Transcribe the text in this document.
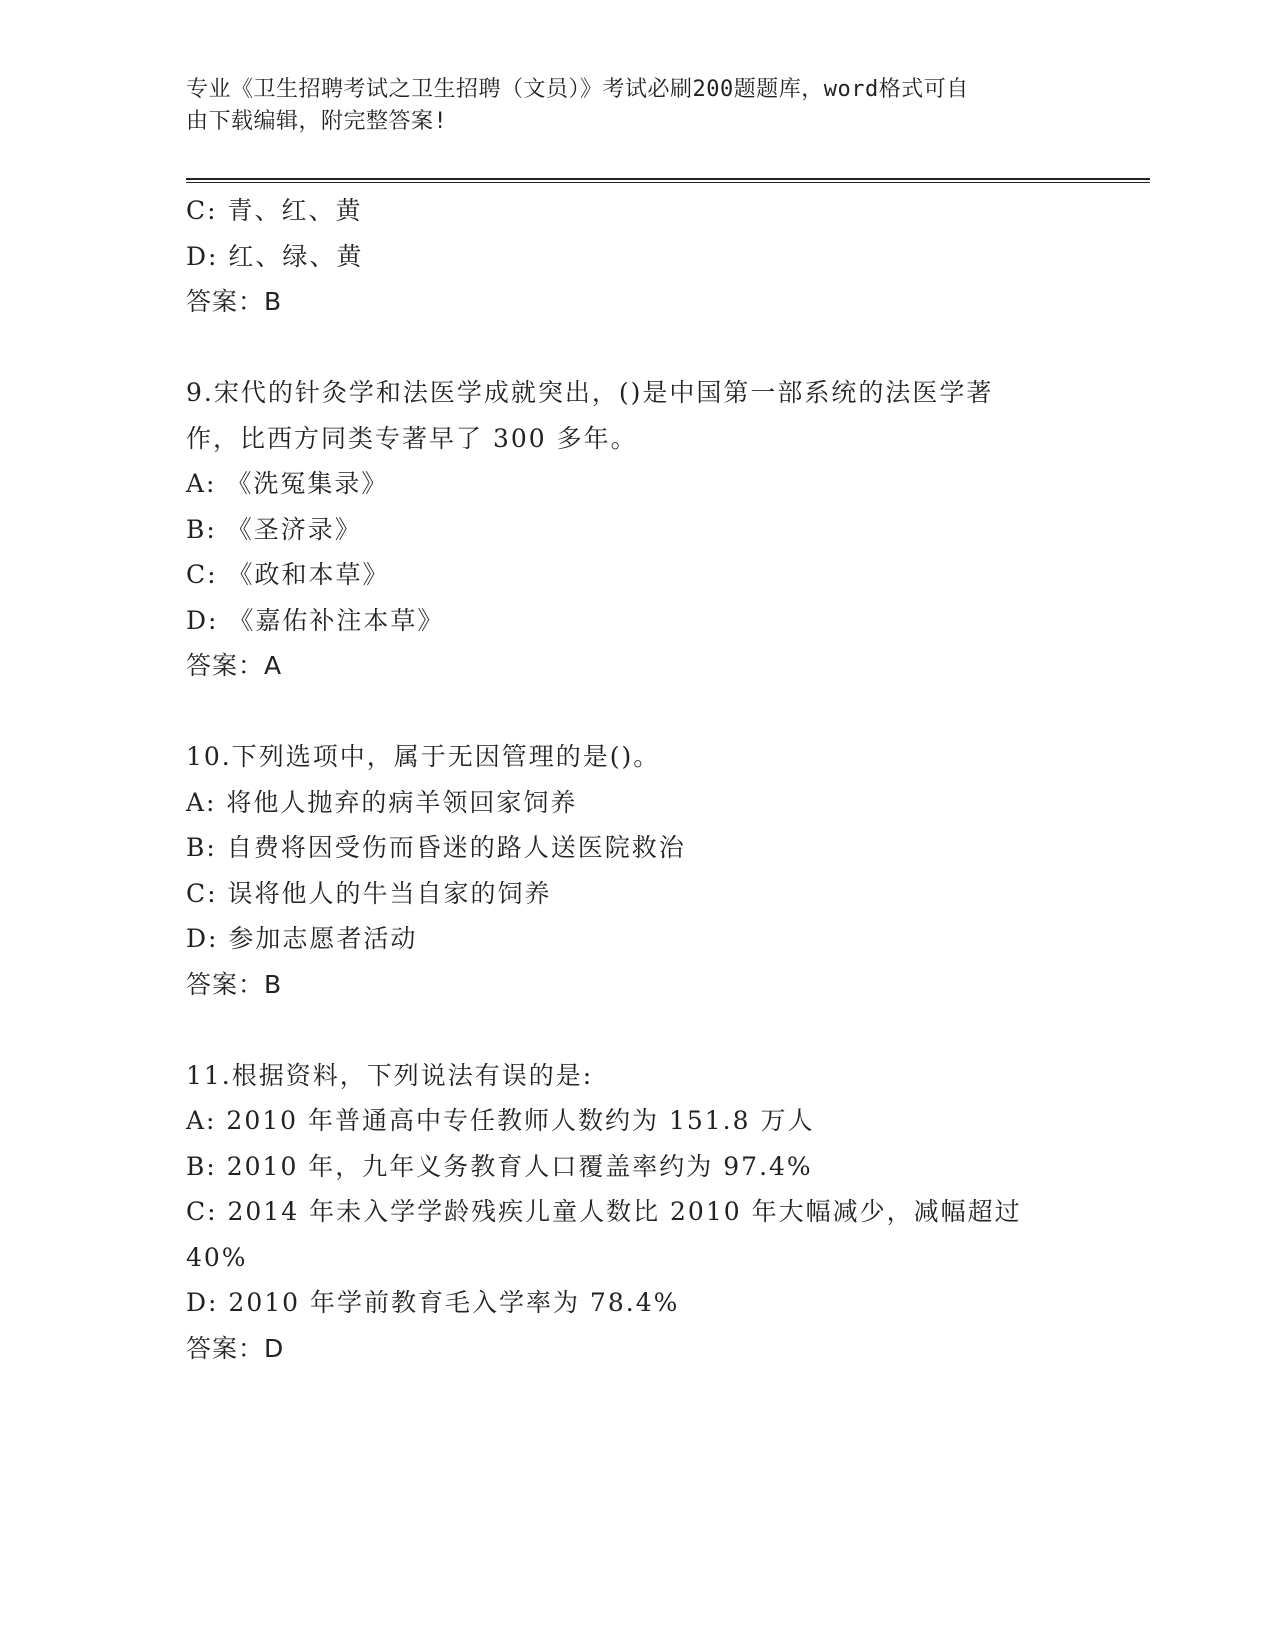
专业《卫生招聘考试之卫生招聘（文员）》考试必刷200题题库，word格式可自
由下载编辑，附完整答案!
C: 青、红、黄
D: 红、绿、黄
答案：B
9.宋代的针灸学和法医学成就突出，()是中国第一部系统的法医学著
作，比西方同类专著早了 300 多年。
A: 《洗冤集录》
B: 《圣济录》
C: 《政和本草》
D: 《嘉佑补注本草》
答案：A
10.下列选项中，属于无因管理的是()。
A: 将他人抛弃的病羊领回家饲养
B: 自费将因受伤而昏迷的路人送医院救治
C: 误将他人的牛当自家的饲养
D: 参加志愿者活动
答案：B
11.根据资料，下列说法有误的是:
A: 2010 年普通高中专任教师人数约为 151.8 万人
B: 2010 年，九年义务教育人口覆盖率约为 97.4%
C: 2014 年未入学学龄残疾儿童人数比 2010 年大幅减少，减幅超过
40%
D: 2010 年学前教育毛入学率为 78.4%
答案：D
